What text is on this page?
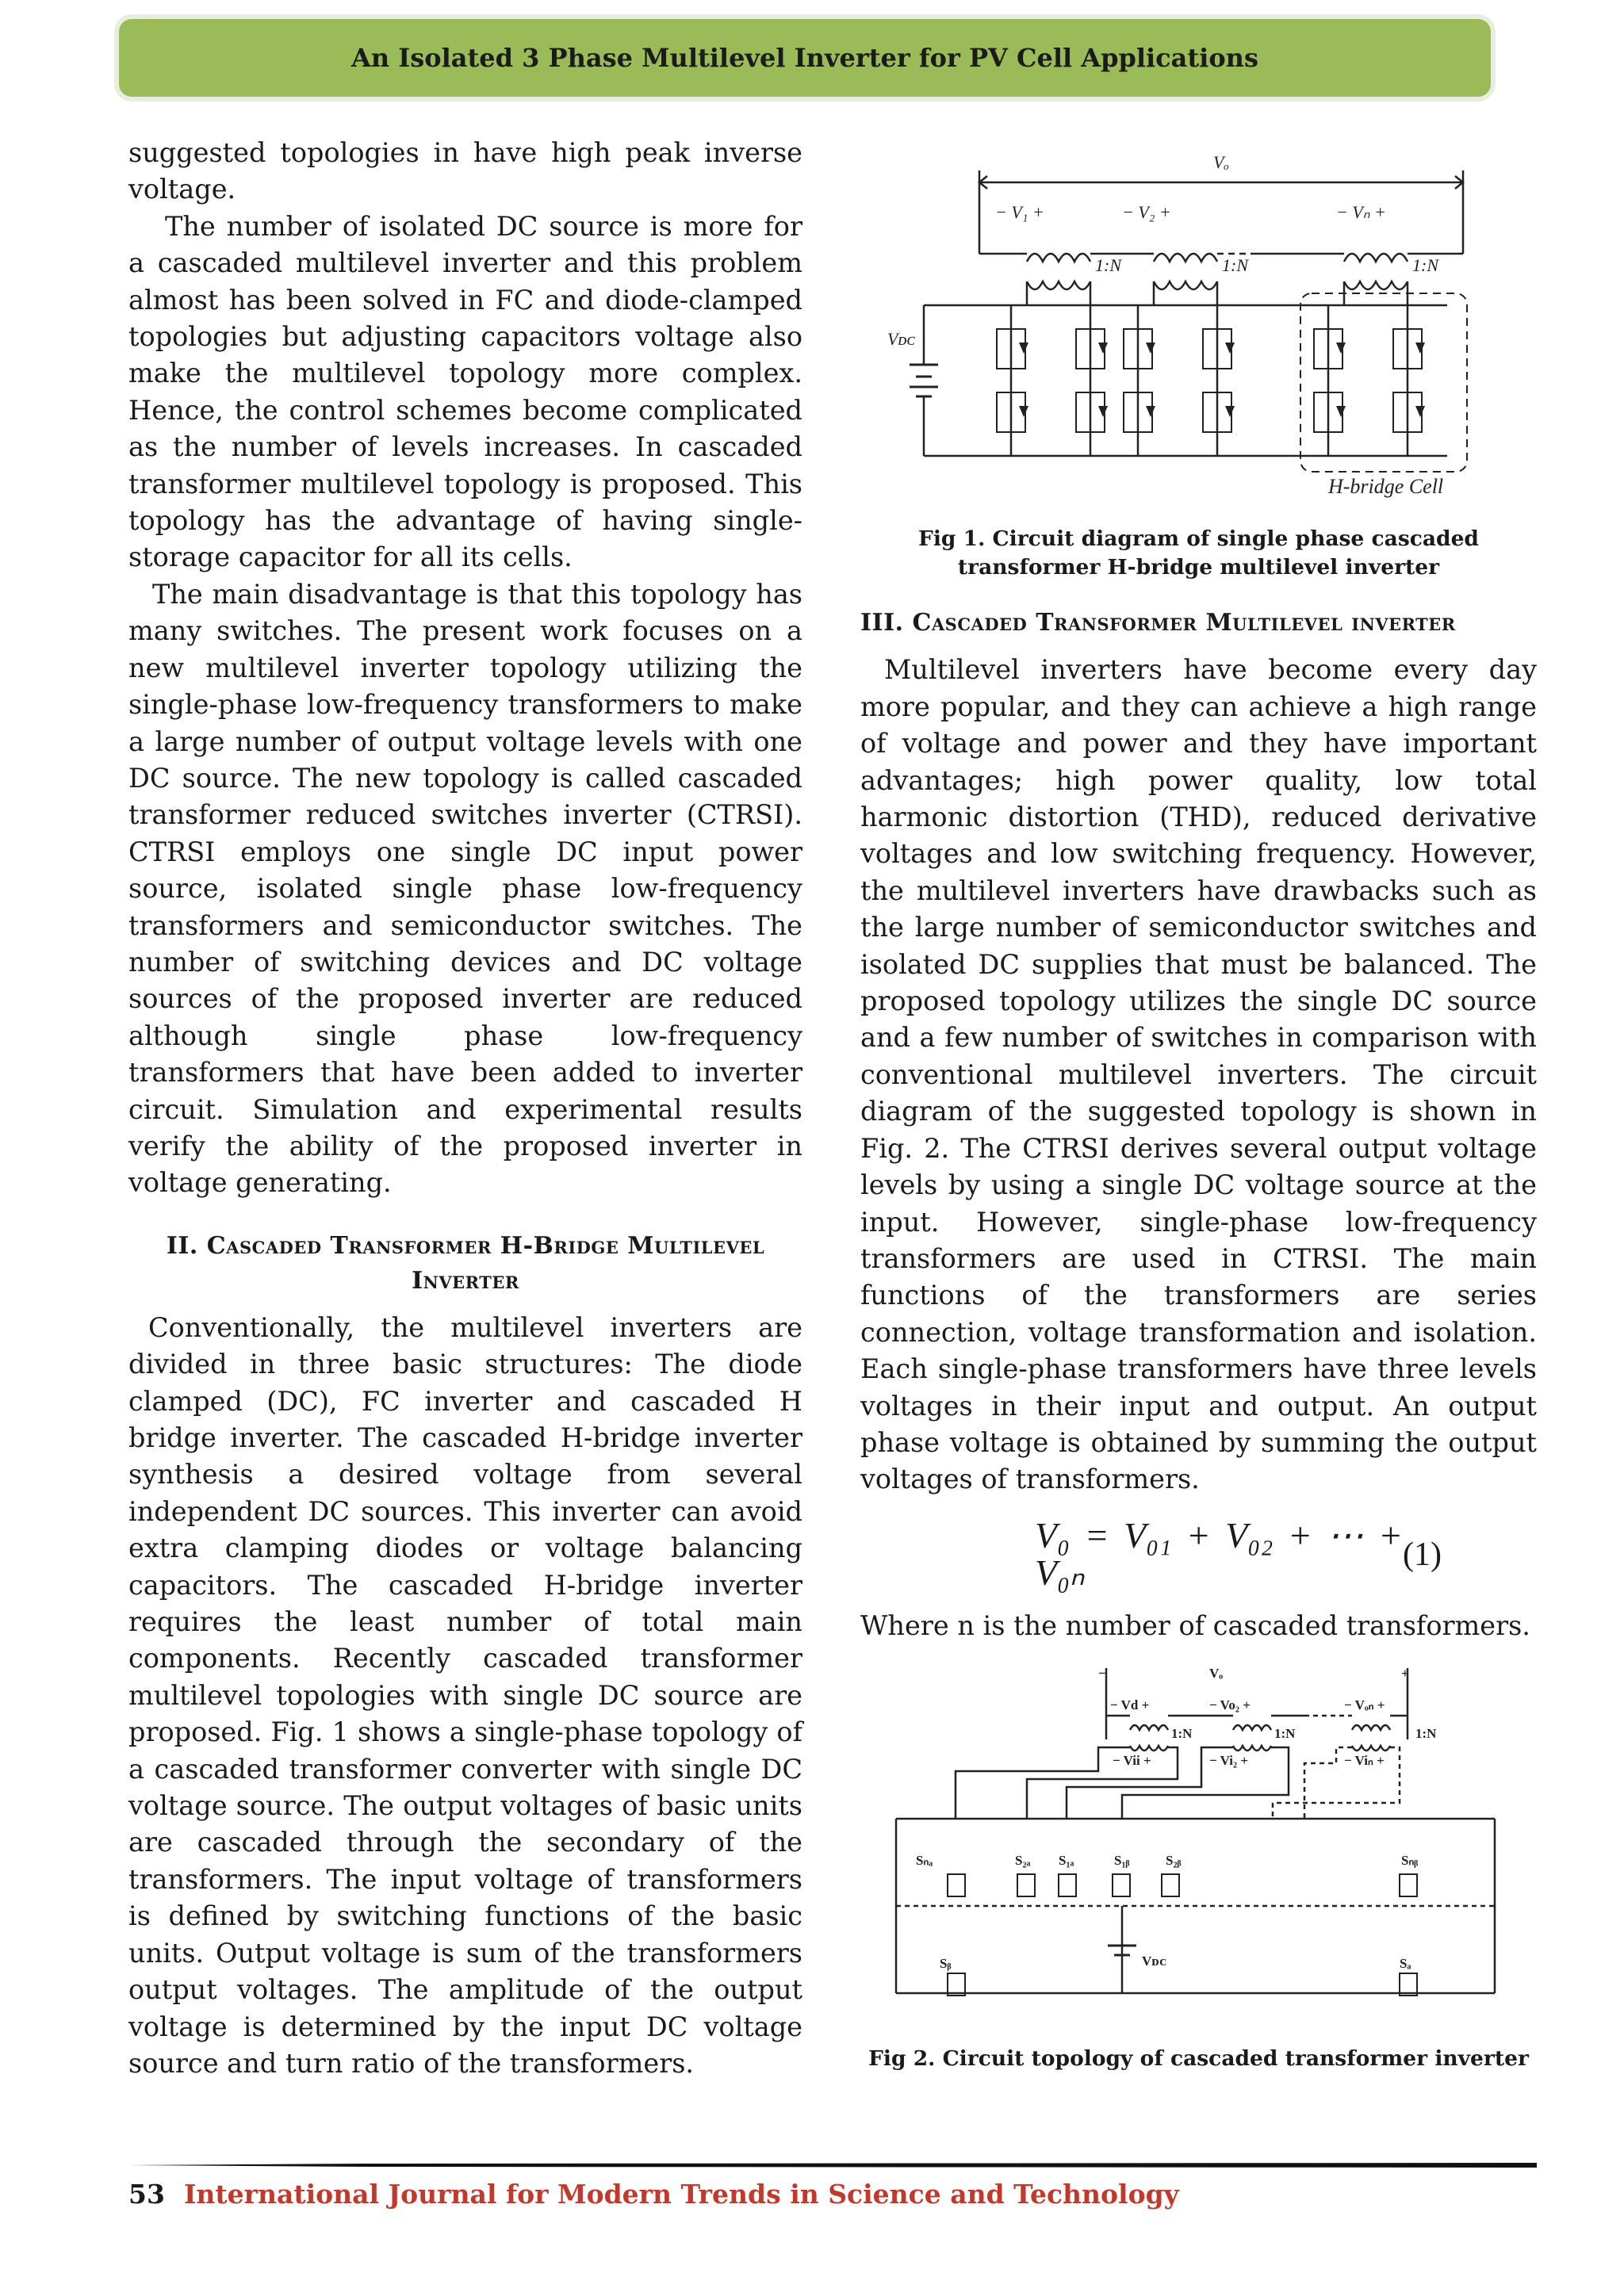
An Isolated 3 Phase Multilevel Inverter for PV Cell Applications

suggested topologies in have high peak inverse voltage.

The number of isolated DC source is more for a cascaded multilevel inverter and this problem almost has been solved in FC and diode-clamped topologies but adjusting capacitors voltage also make the multilevel topology more complex. Hence, the control schemes become complicated as the number of levels increases. In cascaded transformer multilevel topology is proposed. This topology has the advantage of having single-storage capacitor for all its cells.

The main disadvantage is that this topology has many switches. The present work focuses on a new multilevel inverter topology utilizing the single-phase low-frequency transformers to make a large number of output voltage levels with one DC source. The new topology is called cascaded transformer reduced switches inverter (CTRSI). CTRSI employs one single DC input power source, isolated single phase low-frequency transformers and semiconductor switches. The number of switching devices and DC voltage sources of the proposed inverter are reduced although single phase low-frequency transformers that have been added to inverter circuit. Simulation and experimental results verify the ability of the proposed inverter in voltage generating.

II. Cascaded Transformer H-Bridge Multilevel Inverter

Conventionally, the multilevel inverters are divided in three basic structures: The diode clamped (DC), FC inverter and cascaded H bridge inverter. The cascaded H-bridge inverter synthesis a desired voltage from several independent DC sources. This inverter can avoid extra clamping diodes or voltage balancing capacitors. The cascaded H-bridge inverter requires the least number of total main components. Recently cascaded transformer multilevel topologies with single DC source are proposed. Fig. 1 shows a single-phase topology of a cascaded transformer converter with single DC voltage source. The output voltages of basic units are cascaded through the secondary of the transformers. The input voltage of transformers is defined by switching functions of the basic units. Output voltage is sum of the transformers output voltages. The amplitude of the output voltage is determined by the input DC voltage source and turn ratio of the transformers.

Vₒ
− V₁ +	− V₂ +	− Vₙ +
1:N	1:N	1:N
Vᴅᴄ
H-bridge Cell
Fig 1. Circuit diagram of single phase cascaded transformer H-bridge multilevel inverter
III. Cascaded Transformer Multilevel inverter

Multilevel inverters have become every day more popular, and they can achieve a high range of voltage and power and they have important advantages; high power quality, low total harmonic distortion (THD), reduced derivative voltages and low switching frequency. However, the multilevel inverters have drawbacks such as the large number of semiconductor switches and isolated DC supplies that must be balanced. The proposed topology utilizes the single DC source and a few number of switches in comparison with conventional multilevel inverters. The circuit diagram of the suggested topology is shown in Fig. 2. The CTRSI derives several output voltage levels by using a single DC voltage source at the input. However, single-phase low-frequency transformers are used in CTRSI. The main functions of the transformers are series connection, voltage transformation and isolation. Each single-phase transformers have three levels voltages in their input and output. An output phase voltage is obtained by summing the output voltages of transformers.

V₀ = V₀₁ + V₀₂ + ⋯ + V₀ₙ	(1)

Where n is the number of cascaded transformers.

Vₒ
−	+
− Vd +
− Vii +
− Vo₂ +
− Vi₂ +
− Vₒₙ +
− Viₙ +
1:N	1:N	1:N
Sₙₐ	S₂ₐ S₁ₐ	S₁ᵦ	S₂ᵦ	Sₙᵦ
Sᵦ	Sₐ
Vᴅᴄ
Fig 2. Circuit topology of cascaded transformer inverter
53 International Journal for Modern Trends in Science and Technology
